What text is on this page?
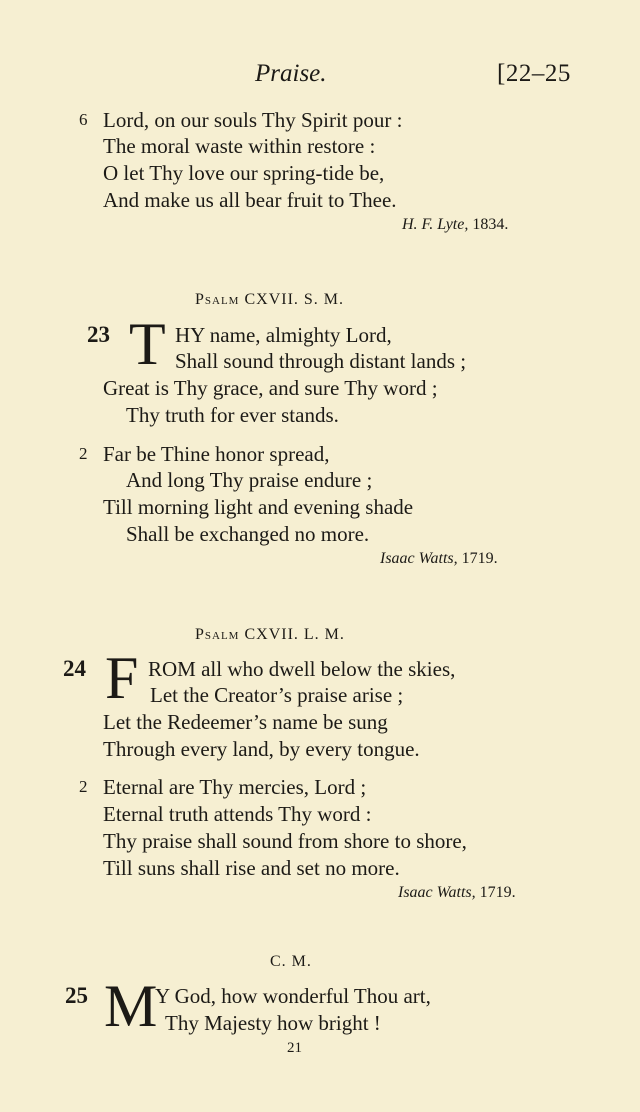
Praise.	[22–25
6 Lord, on our souls Thy Spirit pour :
The moral waste within restore :
O let Thy love our spring-tide be,
And make us all bear fruit to Thee.
H. F. Lyte, 1834.
Psalm CXVII. S. M.
23 T HY name, almighty Lord,
Shall sound through distant lands ;
Great is Thy grace, and sure Thy word ;
Thy truth for ever stands.
2 Far be Thine honor spread,
And long Thy praise endure ;
Till morning light and evening shade
Shall be exchanged no more.
Isaac Watts, 1719.
Psalm CXVII. L. M.
24 F ROM all who dwell below the skies,
Let the Creator’s praise arise ;
Let the Redeemer’s name be sung
Through every land, by every tongue.
2 Eternal are Thy mercies, Lord ;
Eternal truth attends Thy word :
Thy praise shall sound from shore to shore,
Till suns shall rise and set no more.
Isaac Watts, 1719.
C. M.
25 M
Y God, how wonderful Thou art,
Thy Majesty how bright !
21
